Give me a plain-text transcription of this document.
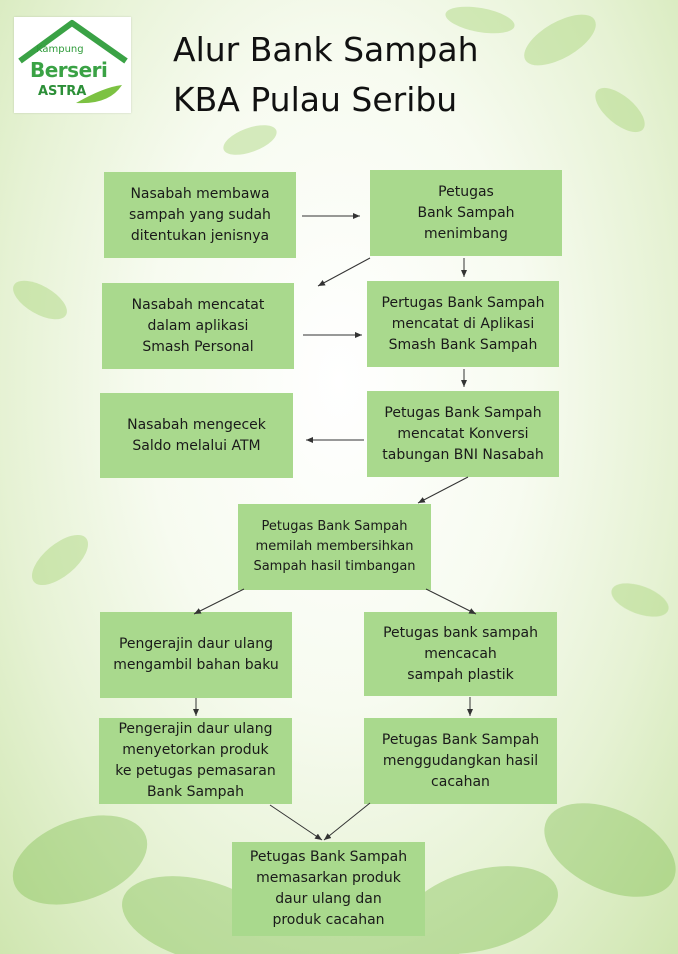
Kampung
Berseri
ASTRA
Alur Bank Sampah
KBA Pulau Seribu
Nasabah membawa
sampah yang sudah
ditentukan jenisnya
Petugas
Bank Sampah
menimbang
Nasabah mencatat
dalam aplikasi
Smash Personal
Pertugas Bank Sampah
mencatat di Aplikasi
Smash Bank Sampah
Nasabah mengecek
Saldo melalui ATM
Petugas Bank Sampah
mencatat Konversi
tabungan BNI Nasabah
Petugas Bank Sampah
memilah membersihkan
Sampah hasil timbangan
Pengerajin daur ulang
mengambil bahan baku
Petugas bank sampah
mencacah
sampah plastik
Pengerajin daur ulang
menyetorkan produk
ke petugas pemasaran
Bank Sampah
Petugas Bank Sampah
menggudangkan hasil
cacahan
Petugas Bank Sampah
memasarkan produk
daur ulang dan
produk cacahan
